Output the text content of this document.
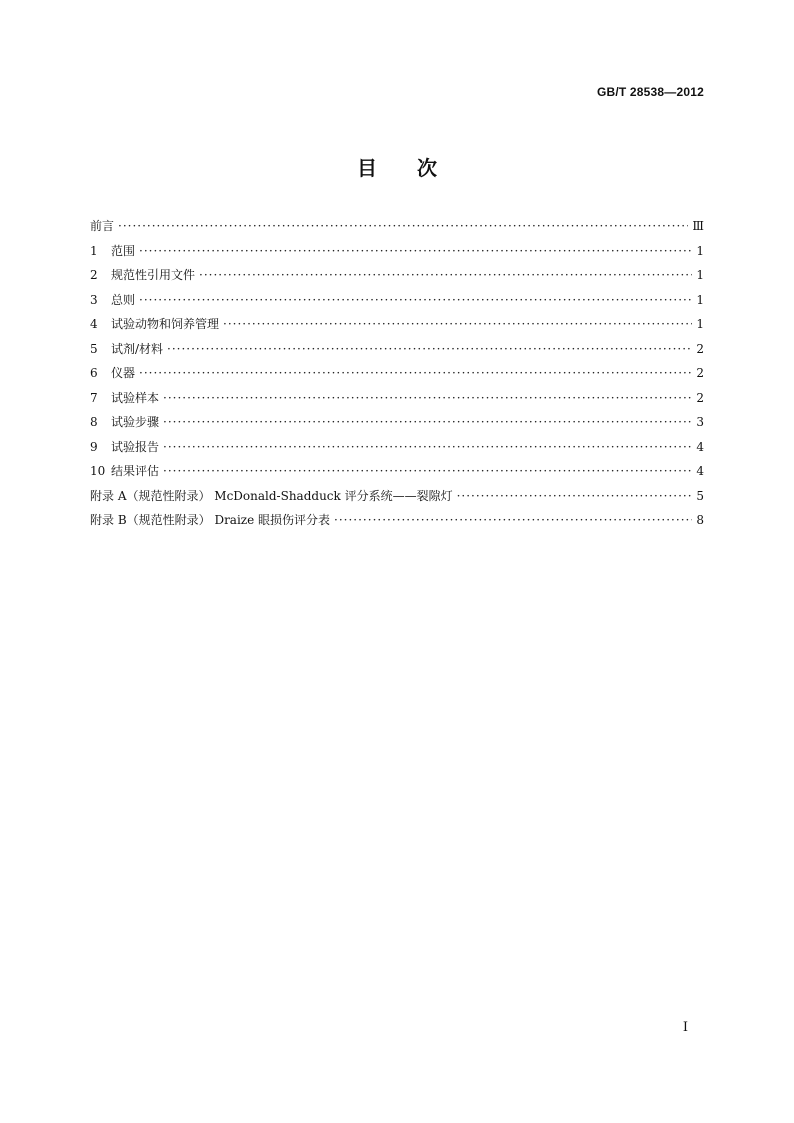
GB/T 28538—2012
目 次
前言 ·····	Ⅲ
1	范围 ·····	1
2	规范性引用文件 ·····	1
3	总则 ·····	1
4	试验动物和饲养管理 ·····	1
5	试剂/材料 ·····	2
6	仪器 ·····	2
7	试验样本 ·····	2
8	试验步骤 ·····	3
9	试验报告 ·····	4
10 结果评估 ·····	4
附录 A（规范性附录） McDonald-Shadduck 评分系统——裂隙灯 ·····	5
附录 B（规范性附录） Draize 眼损伤评分表 ·····	8
I
